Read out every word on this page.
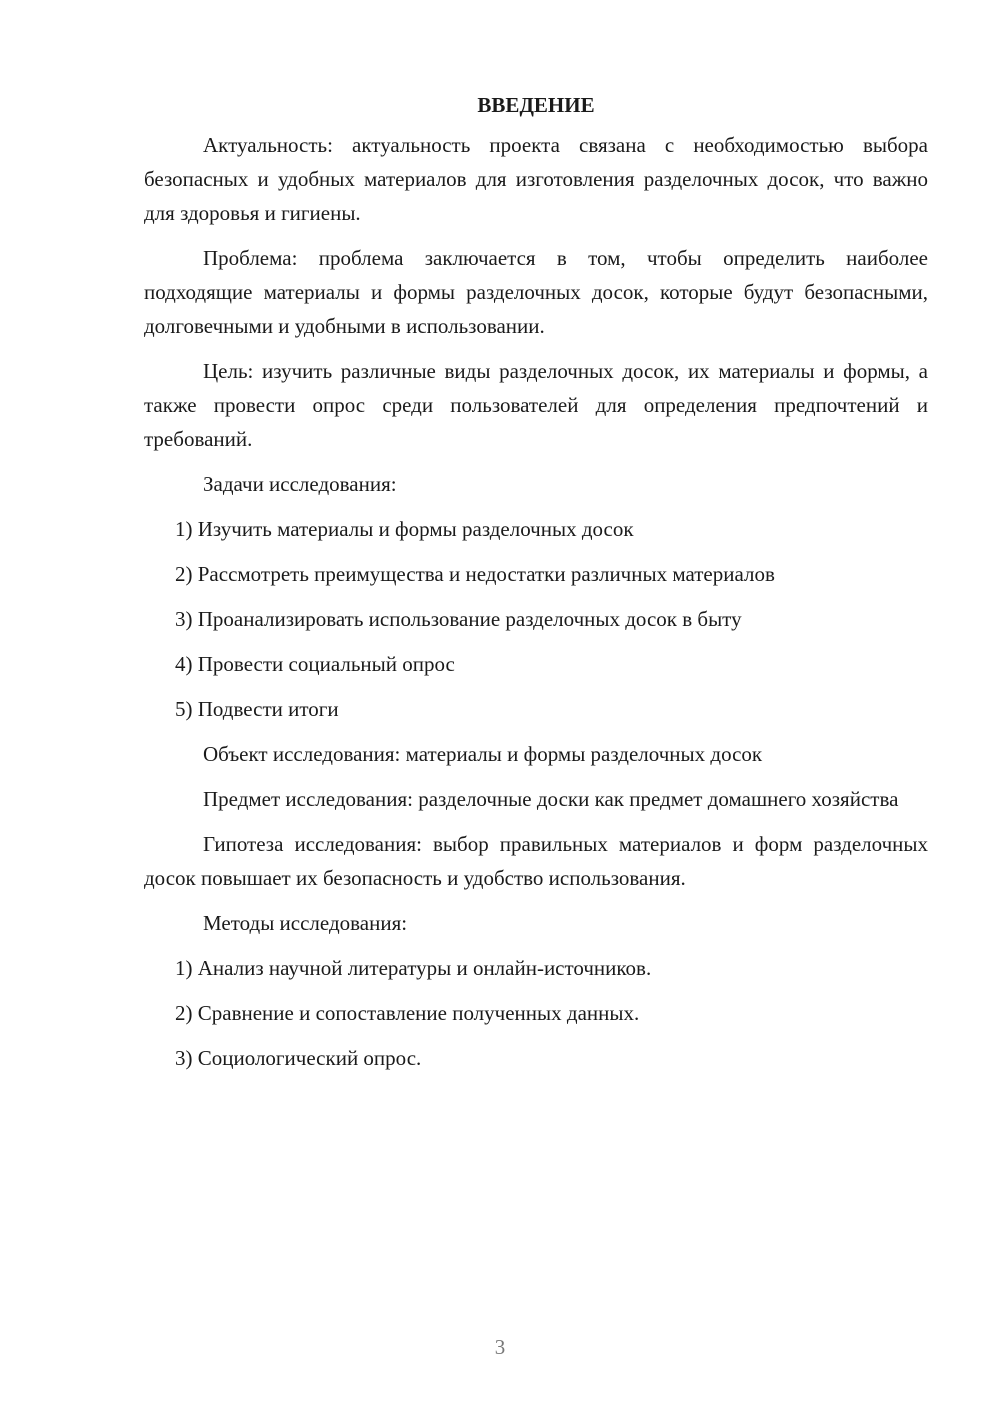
ВВЕДЕНИЕ

Актуальность: актуальность проекта связана с необходимостью выбора безопасных и удобных материалов для изготовления разделочных досок, что важно для здоровья и гигиены.

Проблема: проблема заключается в том, чтобы определить наиболее подходящие материалы и формы разделочных досок, которые будут безопасными, долговечными и удобными в использовании.

Цель: изучить различные виды разделочных досок, их материалы и формы, а также провести опрос среди пользователей для определения предпочтений и требований.

Задачи исследования:

1) Изучить материалы и формы разделочных досок
2) Рассмотреть преимущества и недостатки различных материалов
3) Проанализировать использование разделочных досок в быту
4) Провести социальный опрос
5) Подвести итоги

Объект исследования: материалы и формы разделочных досок

Предмет исследования: разделочные доски как предмет домашнего хозяйства

Гипотеза исследования: выбор правильных материалов и форм разделочных досок повышает их безопасность и удобство использования.

Методы исследования:

1) Анализ научной литературы и онлайн-источников.
2) Сравнение и сопоставление полученных данных.
3) Социологический опрос.
3
